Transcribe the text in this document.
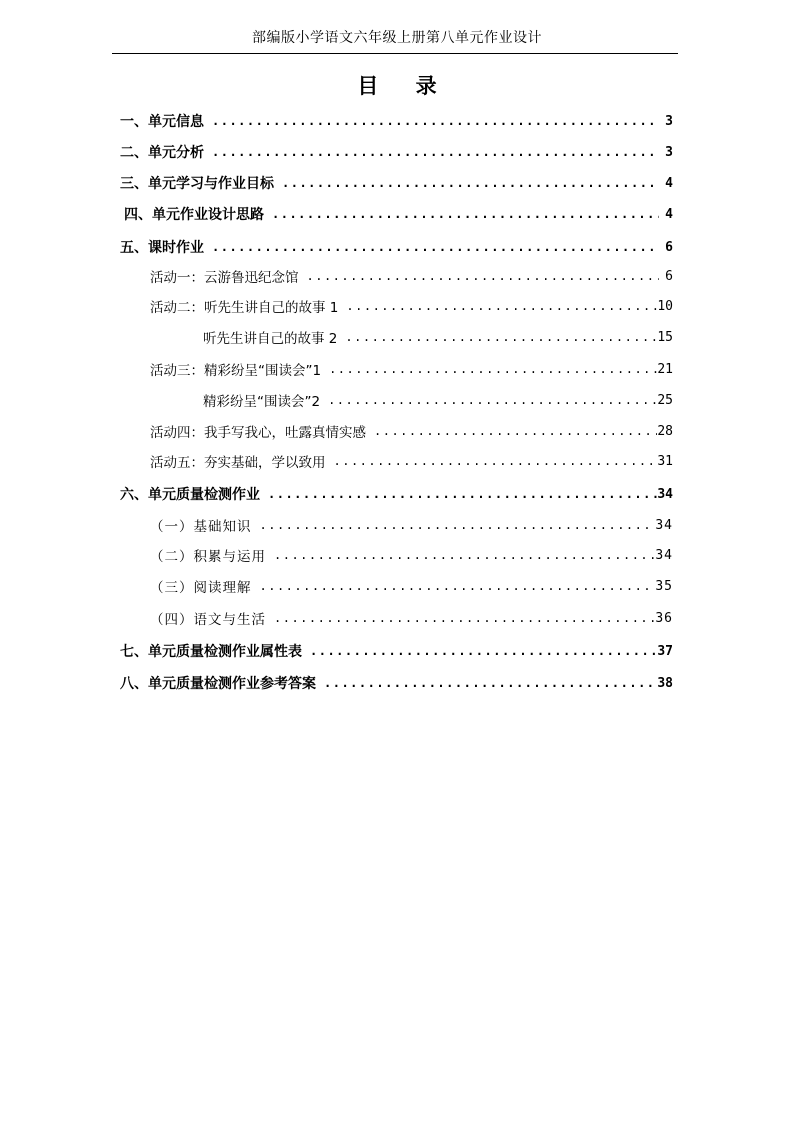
部编版小学语文六年级上册第八单元作业设计
目 录
一、单元信息 .....	3
二、单元分析 .....	3
三、单元学习与作业目标 .....	4
四、单元作业设计思路 .....	4
五、课时作业 .....	6
活动一：云游鲁迅纪念馆 .....	6
活动二：听先生讲自己的故事 1 .....	10
听先生讲自己的故事 2 .....	15
活动三：精彩纷呈“围读会”1 .....	21
精彩纷呈“围读会”2 .....	25
活动四：我手写我心，吐露真情实感 .....	28
活动五：夯实基础，学以致用 .....	31
六、单元质量检测作业 .....	34
（一）基础知识 .....	34
（二）积累与运用 .....	34
（三）阅读理解 .....	35
（四）语文与生活 .....	36
七、单元质量检测作业属性表 .....	37
八、单元质量检测作业参考答案 .....	38
